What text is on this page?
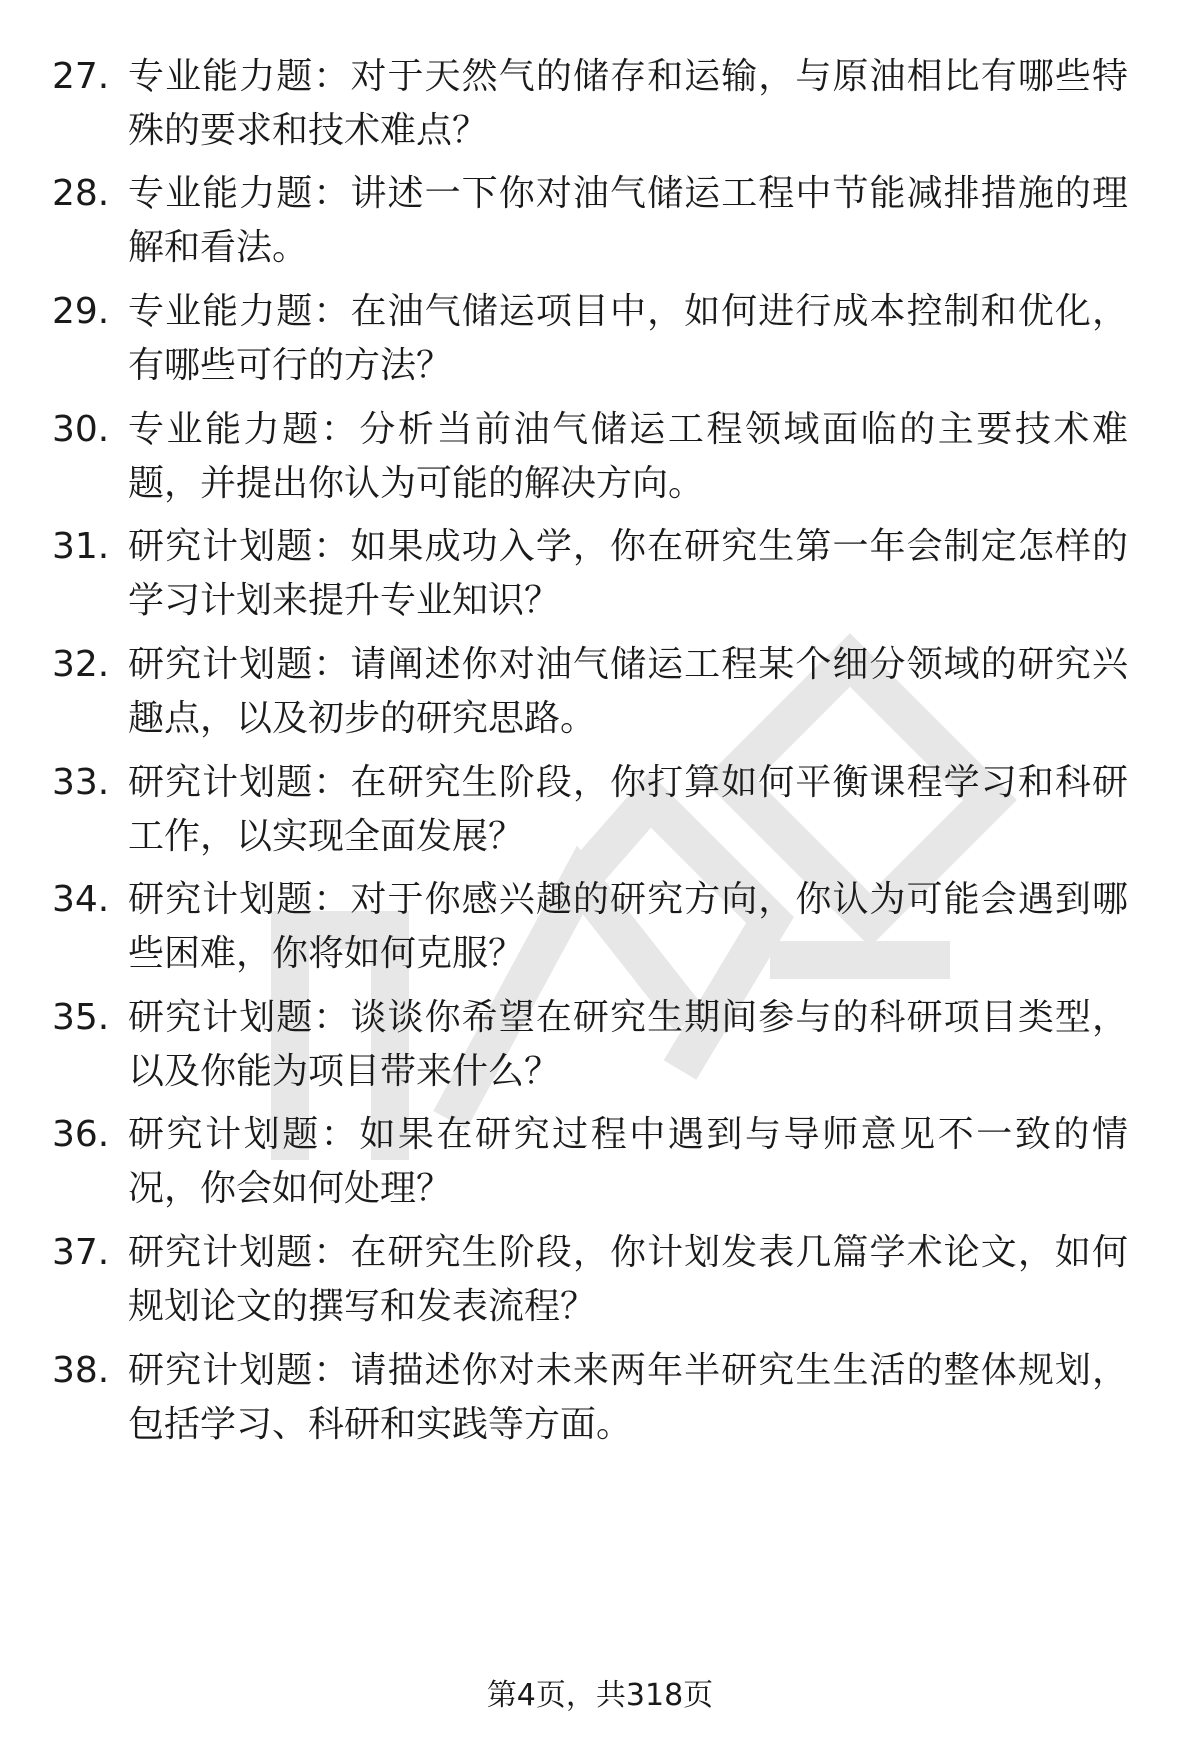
27. 专业能力题：对于天然气的储存和运输，与原油相比有哪些特殊的要求和技术难点？
28. 专业能力题：讲述一下你对油气储运工程中节能减排措施的理解和看法。
29. 专业能力题：在油气储运项目中，如何进行成本控制和优化，有哪些可行的方法？
30. 专业能力题：分析当前油气储运工程领域面临的主要技术难题，并提出你认为可能的解决方向。
31. 研究计划题：如果成功入学，你在研究生第一年会制定怎样的学习计划来提升专业知识？
32. 研究计划题：请阐述你对油气储运工程某个细分领域的研究兴趣点，以及初步的研究思路。
33. 研究计划题：在研究生阶段，你打算如何平衡课程学习和科研工作，以实现全面发展？
34. 研究计划题：对于你感兴趣的研究方向，你认为可能会遇到哪些困难，你将如何克服？
35. 研究计划题：谈谈你希望在研究生期间参与的科研项目类型，以及你能为项目带来什么？
36. 研究计划题：如果在研究过程中遇到与导师意见不一致的情况，你会如何处理？
37. 研究计划题：在研究生阶段，你计划发表几篇学术论文，如何规划论文的撰写和发表流程？
38. 研究计划题：请描述你对未来两年半研究生生活的整体规划，包括学习、科研和实践等方面。
第4页，共318页
